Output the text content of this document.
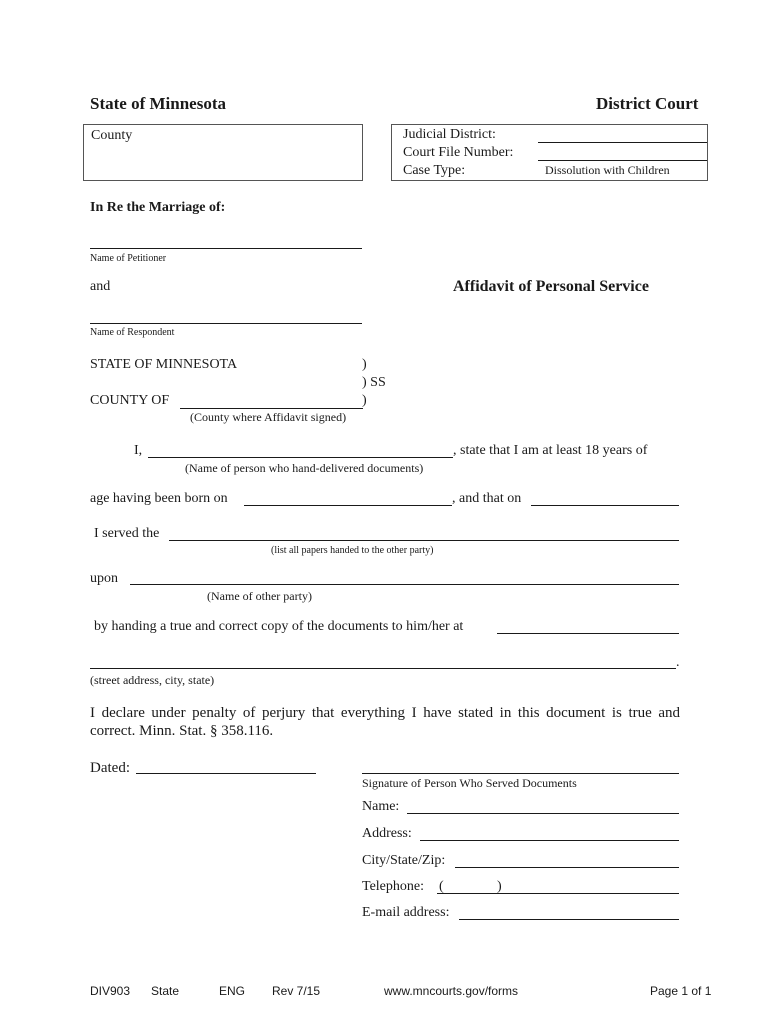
State of Minnesota	District Court
County	Judicial District:
Court File Number:
Case Type:	Dissolution with Children
In Re the Marriage of:
Name of Petitioner
and	Affidavit of Personal Service
Name of Respondent
STATE OF MINNESOTA	)
) SS
COUNTY OF	)
(County where Affidavit signed)
I,	, state that I am at least 18 years of
(Name of person who hand-delivered documents)
age having been born on	, and that on
I served the
(list all papers handed to the other party)
upon
(Name of other party)
by handing a true and correct copy of the documents to him/her at
.
(street address, city, state)
I declare under penalty of perjury that everything I have stated in this document is true and
correct. Minn. Stat. § 358.116.
Dated:
Signature of Person Who Served Documents
Name:
Address:
City/State/Zip:
Telephone: (	)
E-mail address:
DIV903 State	ENG Rev 7/15	www.mncourts.gov/forms	Page 1 of 1
